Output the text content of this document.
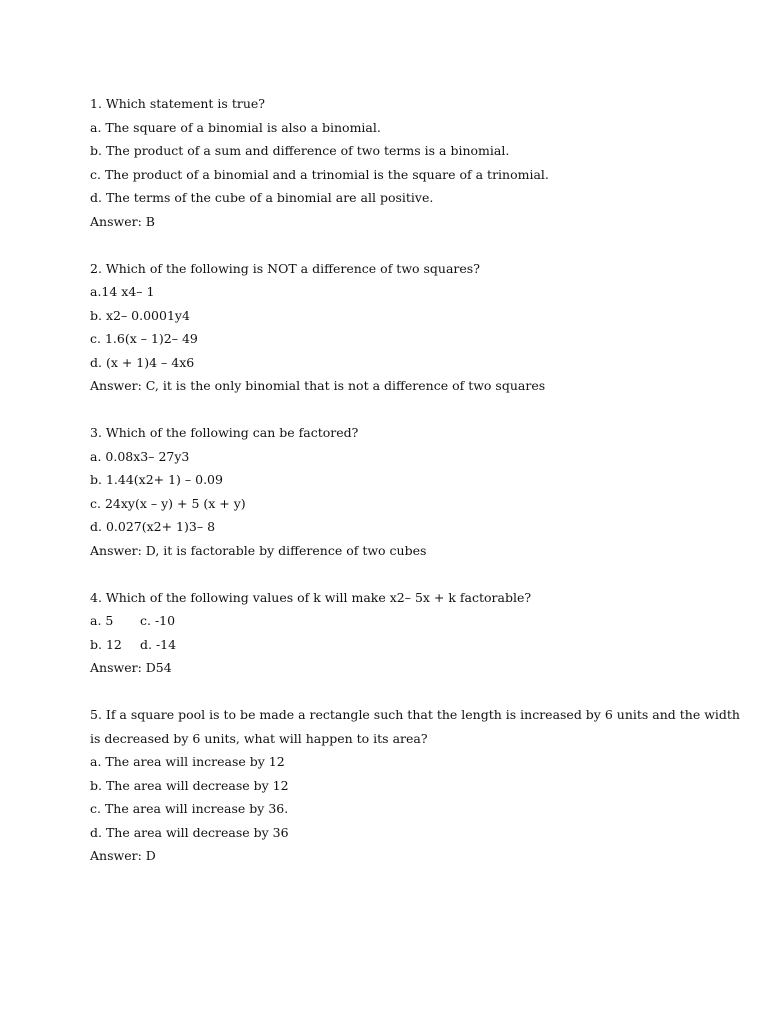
1. Which statement is true?
a. The square of a binomial is also a binomial.
b. The product of a sum and difference of two terms is a binomial.
c. The product of a binomial and a trinomial is the square of a trinomial.
d. The terms of the cube of a binomial are all positive.
Answer: B
2. Which of the following is NOT a difference of two squares?
a.14 x4– 1
b. x2– 0.0001y4
c. 1.6(x – 1)2– 49
d. (x + 1)4 – 4x6
Answer: C, it is the only binomial that is not a difference of two squares
3. Which of the following can be factored?
a. 0.08x3– 27y3
b. 1.44(x2+ 1) – 0.09
c. 24xy(x – y) + 5 (x + y)
d. 0.027(x2+ 1)3– 8
Answer: D, it is factorable by difference of two cubes
4. Which of the following values of k will make x2– 5x + k factorable?
a. 5	c. -10
b. 12	d. -14
Answer: D54
5. If a square pool is to be made a rectangle such that the length is increased by 6 units and the width is decreased by 6 units, what will happen to its area?
a. The area will increase by 12
b. The area will decrease by 12
c. The area will increase by 36.
d. The area will decrease by 36
Answer: D
